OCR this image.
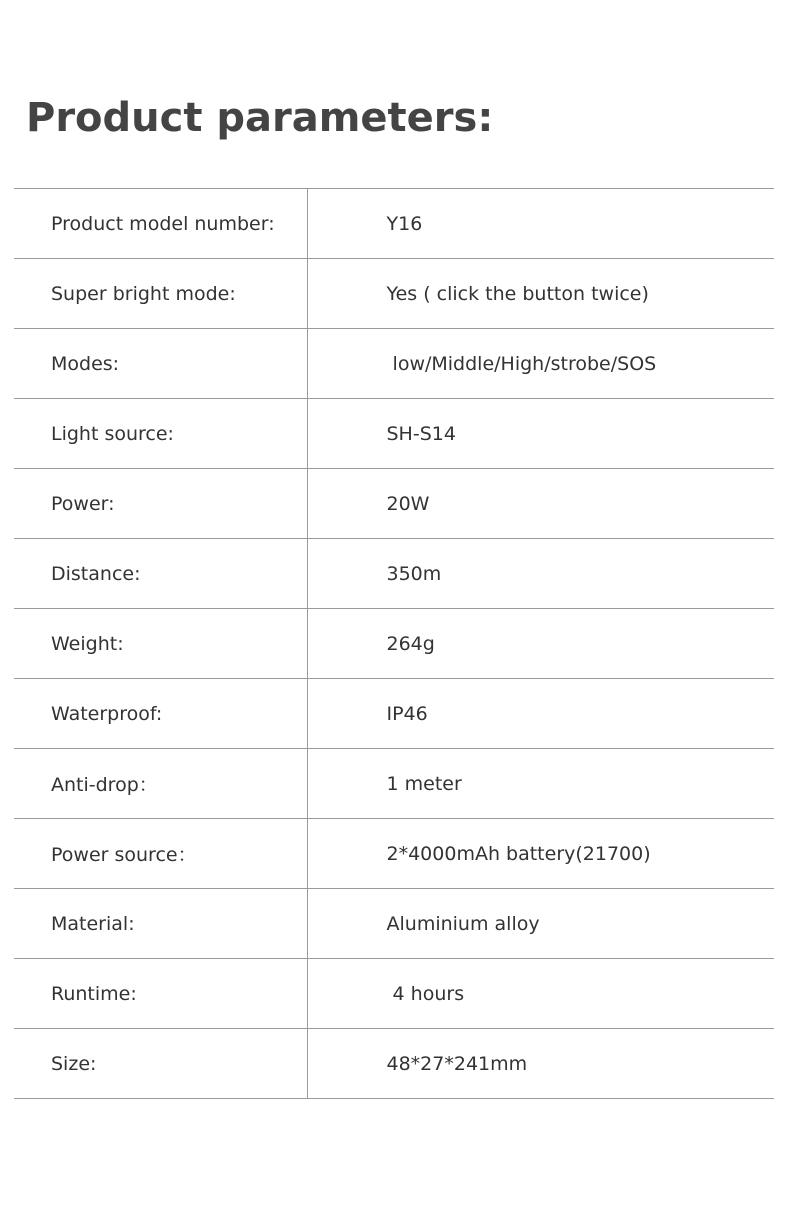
Product parameters:
Product model number:	Y16
Super bright mode:	Yes ( click the button twice)
Modes:	low/Middle/High/strobe/SOS
Light source:	SH-S14
Power:	20W
Distance:	350m
Weight:	264g
Waterproof:	IP46
Anti-drop：	1 meter
Power source：	2*4000mAh battery(21700)
Material:	Aluminium alloy
Runtime:	4 hours
Size:	48*27*241mm
